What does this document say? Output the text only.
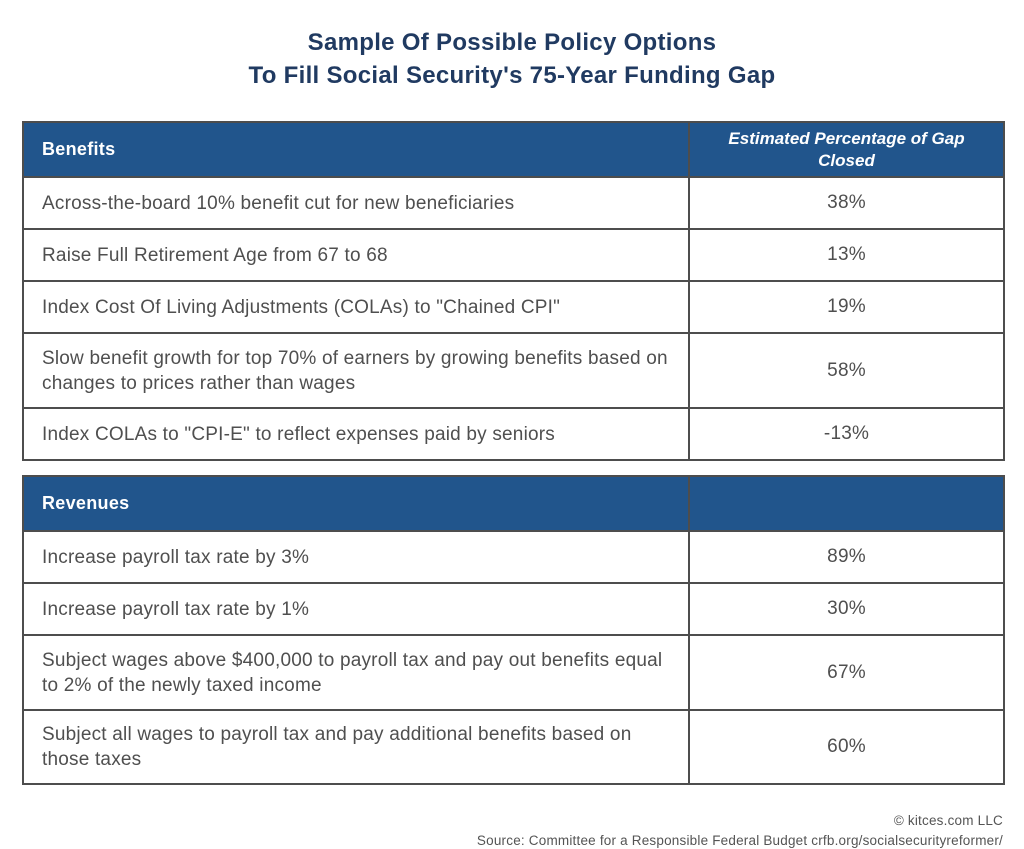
Sample Of Possible Policy Options
To Fill Social Security's 75-Year Funding Gap
Benefits	Estimated Percentage of Gap Closed
Across-the-board 10% benefit cut for new beneficiaries	38%
Raise Full Retirement Age from 67 to 68	13%
Index Cost Of Living Adjustments (COLAs) to "Chained CPI"	19%
Slow benefit growth for top 70% of earners by growing benefits based on changes to prices rather than wages	58%
Index COLAs to "CPI-E" to reflect expenses paid by seniors	-13%
Revenues	
Increase payroll tax rate by 3%	89%
Increase payroll tax rate by 1%	30%
Subject wages above $400,000 to payroll tax and pay out benefits equal to 2% of the newly taxed income	67%
Subject all wages to payroll tax and pay additional benefits based on those taxes	60%
© kitces.com LLC
Source: Committee for a Responsible Federal Budget crfb.org/socialsecurityreformer/
